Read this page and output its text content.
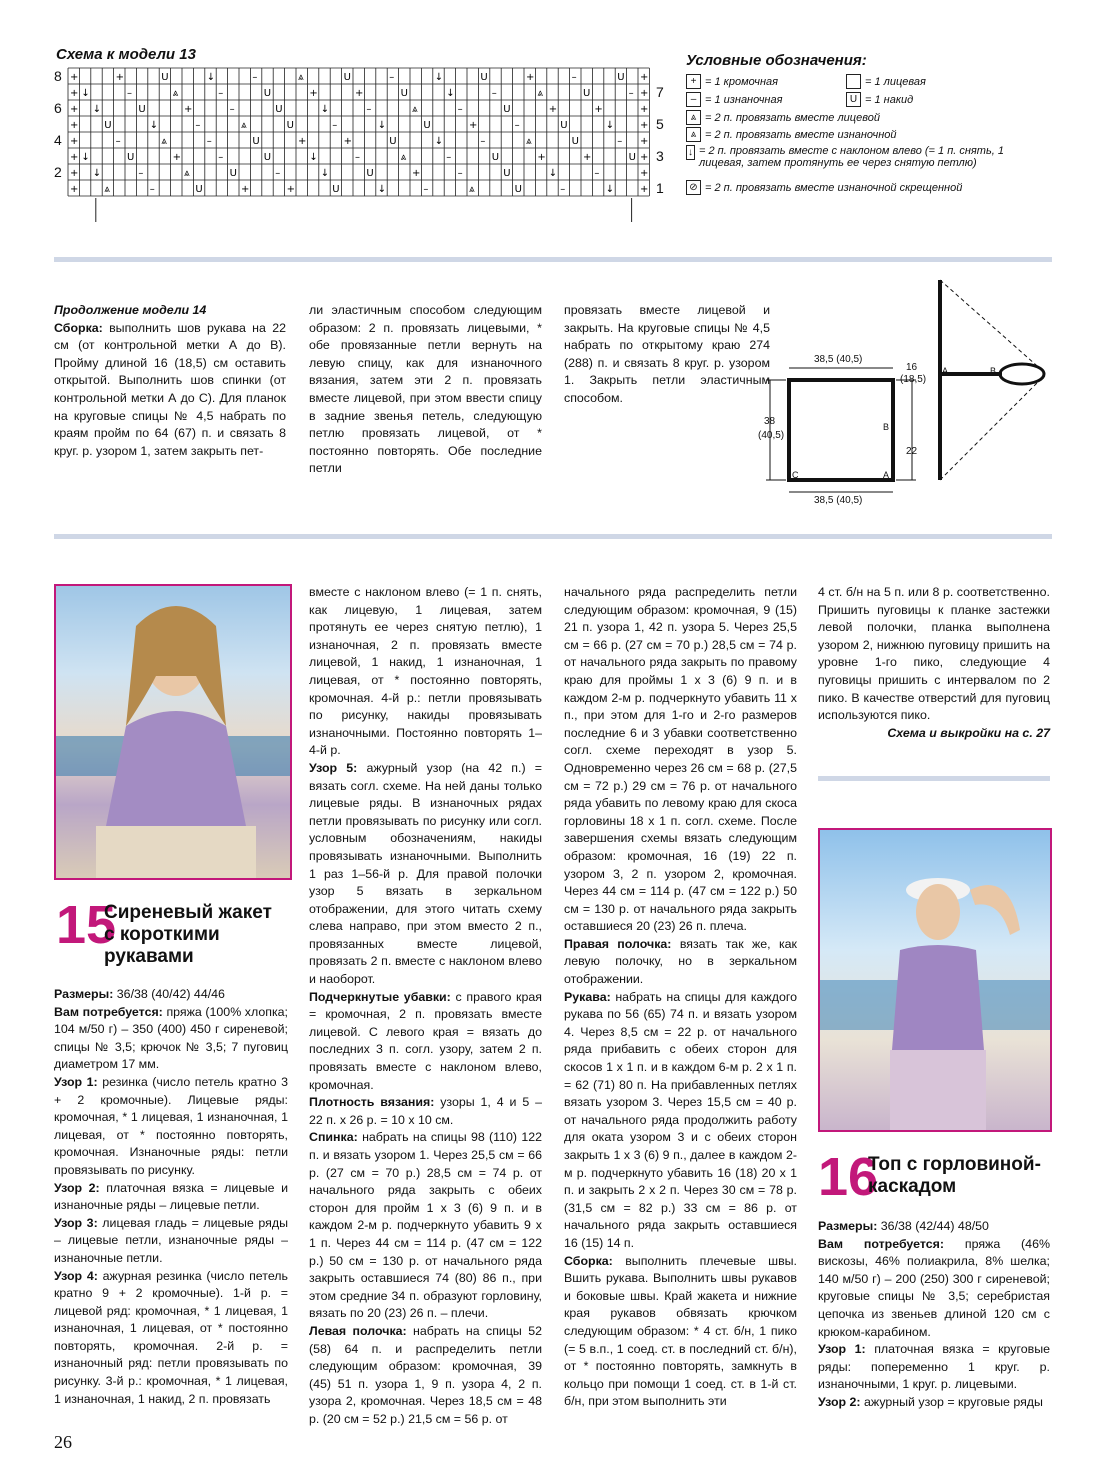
Схема к модели 13
+	+	U	↓	–	⩓	U	–	↓	U	+	–	U +
+ ↓	–	⩓	–	U	+	+	U	↓	–	⩓	U	– +
+ ↓	U	+	–	U	↓	–	⩓	–	U	+	+	+
+	U	↓	–	⩓	U	–	↓	U	+	–	U	↓	+
+	–	⩓	–	U	+	+	U	↓	–	⩓	U	– +
+ ↓	U	+	–	U	↓	–	⩓	–	U	+	+	U +
+ ↓	–	⩓	U	–	↓	U	+	–	U	↓	–	+
+	⩓	–	U	+	+	U	↓	–	⩓	U	–	↓	+
8
6
4
2
7
5
3
1
Условные обозначения:
+ = 1 кромочная	= 1 лицевая
– = 1 изнаночная	U = 1 накид
⩓ = 2 п. провязать вместе лицевой
⩓ = 2 п. провязать вместе изнаночной
↓ = 2 п. провязать вместе с наклоном влево (= 1 п. снять, 1 лицевая, затем протянуть ее через снятую петлю)
⊘ = 2 п. провязать вместе изнаночной скрещенной

Продолжение модели 14

Сборка: выполнить шов рукава на 22 см (от контрольной метки А до В). Пройму длиной 16 (18,5) см оставить открытой. Выполнить шов спинки (от контрольной метки А до С). Для планок на круговые спицы № 4,5 набрать по краям пройм по 64 (67) п. и связать 8 круг. р. узором 1, затем закрыть пет-

ли эластичным способом следующим образом: 2 п. провязать лицевыми, * обе провязанные петли вернуть на левую спицу, как для изнаночного вязания, затем эти 2 п. провязать вместе лицевой, при этом ввести спицу в задние звенья петель, следующую петлю провязать лицевой, от * постоянно повторять. Обе последние петли

провязать вместе лицевой и закрыть. На круговые спицы № 4,5 набрать по открытому краю 274 (288) п. и связать 8 круг. р. узором 1. Закрыть петли эластичным способом.

38,5 (40,5)
38,5 (40,5)
38
(40,5)
16
(18,5)
22
A
B
C
A	B
15
Сиреневый жакет
с короткими
рукавами

Размеры: 36/38 (40/42) 44/46

Вам потребуется: пряжа (100% хлопка; 104 м/50 г) – 350 (400) 450 г сиреневой; спицы № 3,5; крючок № 3,5; 7 пуговиц диаметром 17 мм.

Узор 1: резинка (число петель кратно 3 + 2 кромочные). Лицевые ряды: кромочная, * 1 лицевая, 1 изнаночная, 1 лицевая, от * постоянно повторять, кромочная. Изнаночные ряды: петли провязывать по рисунку.

Узор 2: платочная вязка = лицевые и изнаночные ряды – лицевые петли.

Узор 3: лицевая гладь = лицевые ряды – лицевые петли, изнаночные ряды – изнаночные петли.

Узор 4: ажурная резинка (число петель кратно 9 + 2 кромочные). 1-й р. = лицевой ряд: кромочная, * 1 лицевая, 1 изнаночная, 1 лицевая, от * постоянно повторять, кромочная. 2-й р. = изнаночный ряд: петли провязывать по рисунку. 3-й р.: кромочная, * 1 лицевая, 1 изнаночная, 1 накид, 2 п. провязать

вместе с наклоном влево (= 1 п. снять, как лицевую, 1 лицевая, затем протянуть ее через снятую петлю), 1 изнаночная, 2 п. провязать вместе лицевой, 1 накид, 1 изнаночная, 1 лицевая, от * постоянно повторять, кромочная. 4-й р.: петли провязывать по рисунку, накиды провязывать изнаночными. Постоянно повторять 1–4-й р.

Узор 5: ажурный узор (на 42 п.) = вязать согл. схеме. На ней даны только лицевые ряды. В изнаночных рядах петли провязывать по рисунку или согл. условным обозначениям, накиды провязывать изнаночными. Выполнить 1 раз 1–56-й р. Для правой полочки узор 5 вязать в зеркальном отображении, для этого читать схему слева направо, при этом вместо 2 п., провязанных вместе лицевой, провязать 2 п. вместе с наклоном влево и наоборот.

Подчеркнутые убавки: с правого края = кромочная, 2 п. провязать вместе лицевой. С левого края = вязать до последних 3 п. согл. узору, затем 2 п. провязать вместе с наклоном влево, кромочная.

Плотность вязания: узоры 1, 4 и 5 – 22 п. х 26 р. = 10 х 10 см.

Спинка: набрать на спицы 98 (110) 122 п. и вязать узором 1. Через 25,5 см = 66 р. (27 см = 70 р.) 28,5 см = 74 р. от начального ряда закрыть с обеих сторон для пройм 1 х 3 (6) 9 п. и в каждом 2-м р. подчеркнуто убавить 9 х 1 п. Через 44 см = 114 р. (47 см = 122 р.) 50 см = 130 р. от начального ряда закрыть оставшиеся 74 (80) 86 п., при этом средние 34 п. образуют горловину, вязать по 20 (23) 26 п. – плечи.

Левая полочка: набрать на спицы 52 (58) 64 п. и распределить петли следующим образом: кромочная, 39 (45) 51 п. узора 1, 9 п. узора 4, 2 п. узора 2, кромочная. Через 18,5 см = 48 р. (20 см = 52 р.) 21,5 см = 56 р. от

начального ряда распределить петли следующим образом: кромочная, 9 (15) 21 п. узора 1, 42 п. узора 5. Через 25,5 см = 66 р. (27 см = 70 р.) 28,5 см = 74 р. от начального ряда закрыть по правому краю для проймы 1 х 3 (6) 9 п. и в каждом 2-м р. подчеркнуто убавить 11 х п., при этом для 1-го и 2-го размеров последние 6 и 3 убавки соответственно согл. схеме переходят в узор 5. Одновременно через 26 см = 68 р. (27,5 см = 72 р.) 29 см = 76 р. от начального ряда убавить по левому краю для скоса горловины 18 х 1 п. согл. схеме. После завершения схемы вязать следующим образом: кромочная, 16 (19) 22 п. узором 3, 2 п. узором 2, кромочная. Через 44 см = 114 р. (47 см = 122 р.) 50 см = 130 р. от начального ряда закрыть оставшиеся 20 (23) 26 п. плеча.

Правая полочка: вязать так же, как левую полочку, но в зеркальном отображении.

Рукава: набрать на спицы для каждого рукава по 56 (65) 74 п. и вязать узором 4. Через 8,5 см = 22 р. от начального ряда прибавить с обеих сторон для скосов 1 х 1 п. и в каждом 6-м р. 2 х 1 п. = 62 (71) 80 п. На прибавленных петлях вязать узором 3. Через 15,5 см = 40 р. от начального ряда продолжить работу для оката узором 3 и с обеих сторон закрыть 1 х 3 (6) 9 п., далее в каждом 2-м р. подчеркнуто убавить 16 (18) 20 х 1 п. и закрыть 2 х 2 п. Через 30 см = 78 р. (31,5 см = 82 р.) 33 см = 86 р. от начального ряда закрыть оставшиеся 16 (15) 14 п.

Сборка: выполнить плечевые швы. Вшить рукава. Выполнить швы рукавов и боковые швы. Край жакета и нижние края рукавов обвязать крючком следующим образом: * 4 ст. б/н, 1 пико (= 5 в.п., 1 соед. ст. в последний ст. б/н), от * постоянно повторять, замкнуть в кольцо при помощи 1 соед. ст. в 1-й ст. б/н, при этом выполнить эти

4 ст. б/н на 5 п. или 8 р. соответственно. Пришить пуговицы к планке застежки левой полочки, планка выполнена узором 2, нижнюю пуговицу пришить на уровне 1-го пико, следующие 4 пуговицы пришить с интервалом по 2 пико. В качестве отверстий для пуговиц используются пико.

Схема и выкройки на с. 27

16
Топ с горловиной-
каскадом

Размеры: 36/38 (42/44) 48/50

Вам потребуется: пряжа (46% вискозы, 46% полиакрила, 8% шелка; 140 м/50 г) – 200 (250) 300 г сиреневой; круговые спицы № 3,5; серебристая цепочка из звеньев длиной 120 см с крюком-карабином.

Узор 1: платочная вязка = круговые ряды: попеременно 1 круг. р. изнаночными, 1 круг. р. лицевыми.

Узор 2: ажурный узор = круговые ряды

26
